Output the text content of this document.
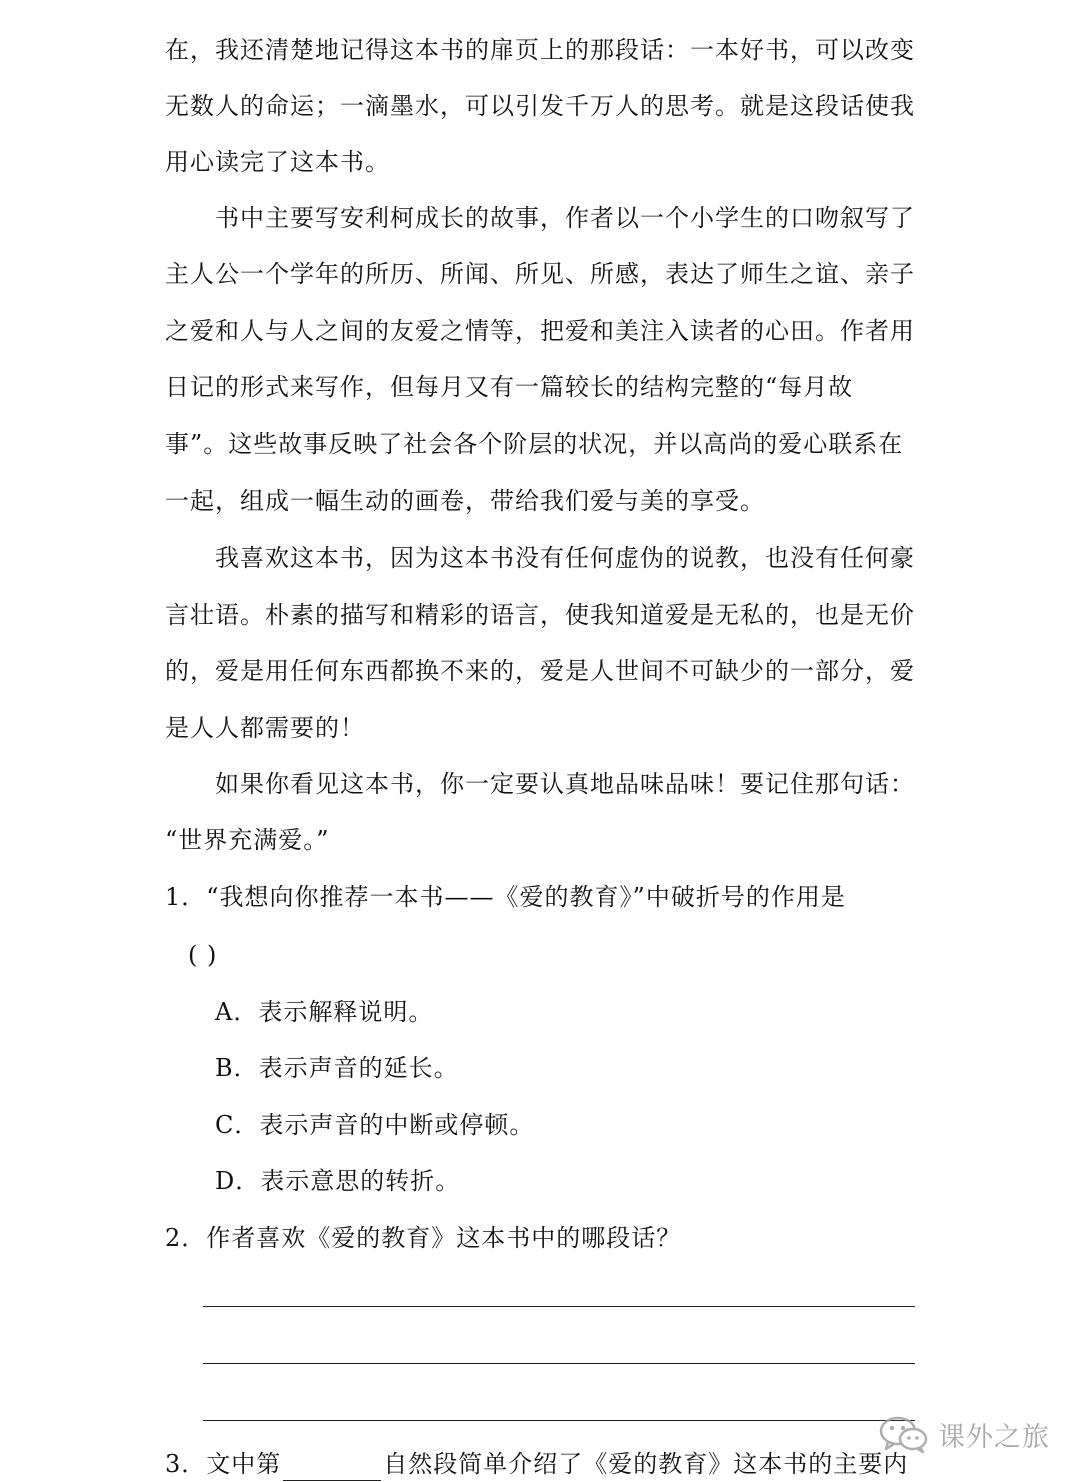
在，我还清楚地记得这本书的扉页上的那段话：一本好书，可以改变
无数人的命运；一滴墨水，可以引发千万人的思考。就是这段话使我
用心读完了这本书。
书中主要写安利柯成长的故事，作者以一个小学生的口吻叙写了
主人公一个学年的所历、所闻、所见、所感，表达了师生之谊、亲子
之爱和人与人之间的友爱之情等，把爱和美注入读者的心田。作者用
日记的形式来写作，但每月又有一篇较长的结构完整的“每月故
事”。这些故事反映了社会各个阶层的状况，并以高尚的爱心联系在
一起，组成一幅生动的画卷，带给我们爱与美的享受。
我喜欢这本书，因为这本书没有任何虚伪的说教，也没有任何豪
言壮语。朴素的描写和精彩的语言，使我知道爱是无私的，也是无价
的，爱是用任何东西都换不来的，爱是人世间不可缺少的一部分，爱
是人人都需要的！
如果你看见这本书，你一定要认真地品味品味！要记住那句话：
“世界充满爱。”
1．“我想向你推荐一本书——《爱的教育》”中破折号的作用是
( )
A．表示解释说明。
B．表示声音的延长。
C．表示声音的中断或停顿。
D．表示意思的转折。
2．作者喜欢《爱的教育》这本书中的哪段话？
3．文中第	自然段简单介绍了《爱的教育》这本书的主要内
课外之旅
